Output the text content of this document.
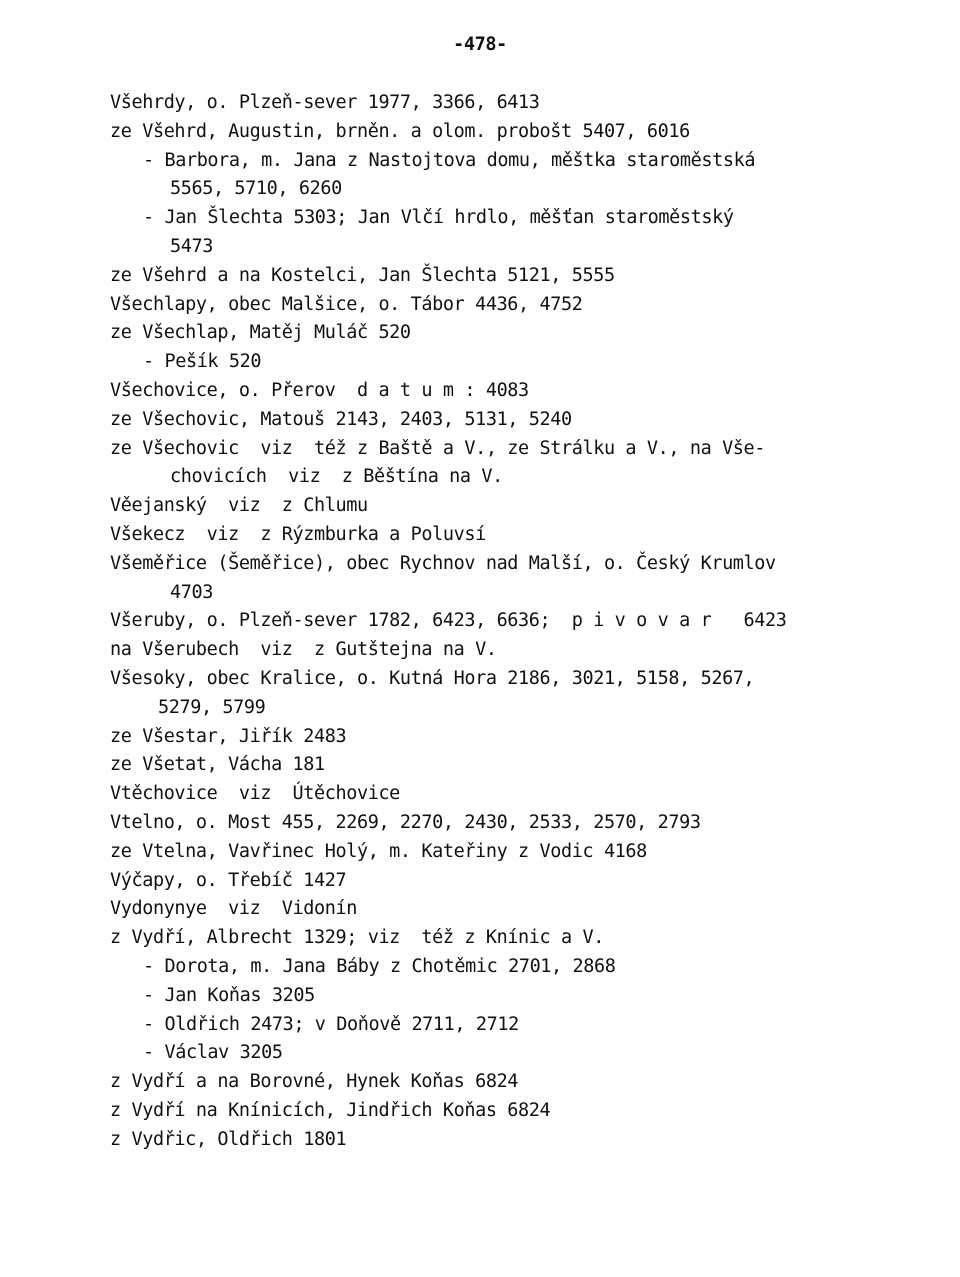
-478-
Všehrdy, o. Plzeň-sever 1977, 3366, 6413
ze Všehrd, Augustin, brněn. a olom. probošt 5407, 6016
- Barbora, m. Jana z Nastojtova domu, měštka staroměstská
5565, 5710, 6260
- Jan Šlechta 5303; Jan Vlčí hrdlo, měšťan staroměstský
5473
ze Všehrd a na Kostelci, Jan Šlechta 5121, 5555
Všechlapy, obec Malšice, o. Tábor 4436, 4752
ze Všechlap, Matěj Muláč 520
- Pešík 520
Všechovice, o. Přerov  d a t u m : 4083
ze Všechovic, Matouš 2143, 2403, 5131, 5240
ze Všechovic  viz  též z Baště a V., ze Strálku a V., na Vše-
chovicích  viz  z Běštína na V.
Věejanský  viz  z Chlumu
Všekecz  viz  z Rýzmburka a Poluvsí
Všeměřice (Šeměřice), obec Rychnov nad Malší, o. Český Krumlov
4703
Všeruby, o. Plzeň-sever 1782, 6423, 6636;  p i v o v a r   6423
na Všerubech  viz  z Gutštejna na V.
Všesoky, obec Kralice, o. Kutná Hora 2186, 3021, 5158, 5267,
5279, 5799
ze Všestar, Jiřík 2483
ze Všetat, Vácha 181
Vtěchovice  viz  Útěchovice
Vtelno, o. Most 455, 2269, 2270, 2430, 2533, 2570, 2793
ze Vtelna, Vavřinec Holý, m. Kateřiny z Vodic 4168
Výčapy, o. Třebíč 1427
Vydonynye  viz  Vidonín
z Vydří, Albrecht 1329; viz  též z Knínic a V.
- Dorota, m. Jana Báby z Chotěmic 2701, 2868
- Jan Koňas 3205
- Oldřich 2473; v Doňově 2711, 2712
- Václav 3205
z Vydří a na Borovné, Hynek Koňas 6824
z Vydří na Knínicích, Jindřich Koňas 6824
z Vydřic, Oldřich 1801
